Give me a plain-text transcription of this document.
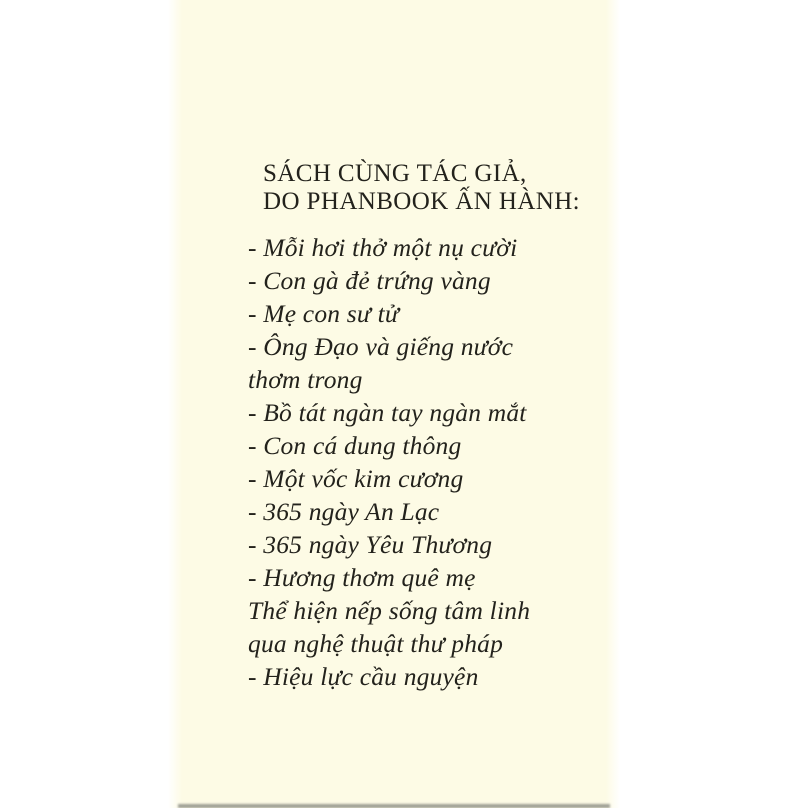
SÁCH CÙNG TÁC GIẢ,
DO PHANBOOK ẤN HÀNH:
- Mỗi hơi thở một nụ cười
- Con gà đẻ trứng vàng
- Mẹ con sư tử
- Ông Đạo và giếng nước
thơm trong
- Bồ tát ngàn tay ngàn mắt
- Con cá dung thông
- Một vốc kim cương
- 365 ngày An Lạc
- 365 ngày Yêu Thương
- Hương thơm quê mẹ
Thể hiện nếp sống tâm linh
qua nghệ thuật thư pháp
- Hiệu lực cầu nguyện
